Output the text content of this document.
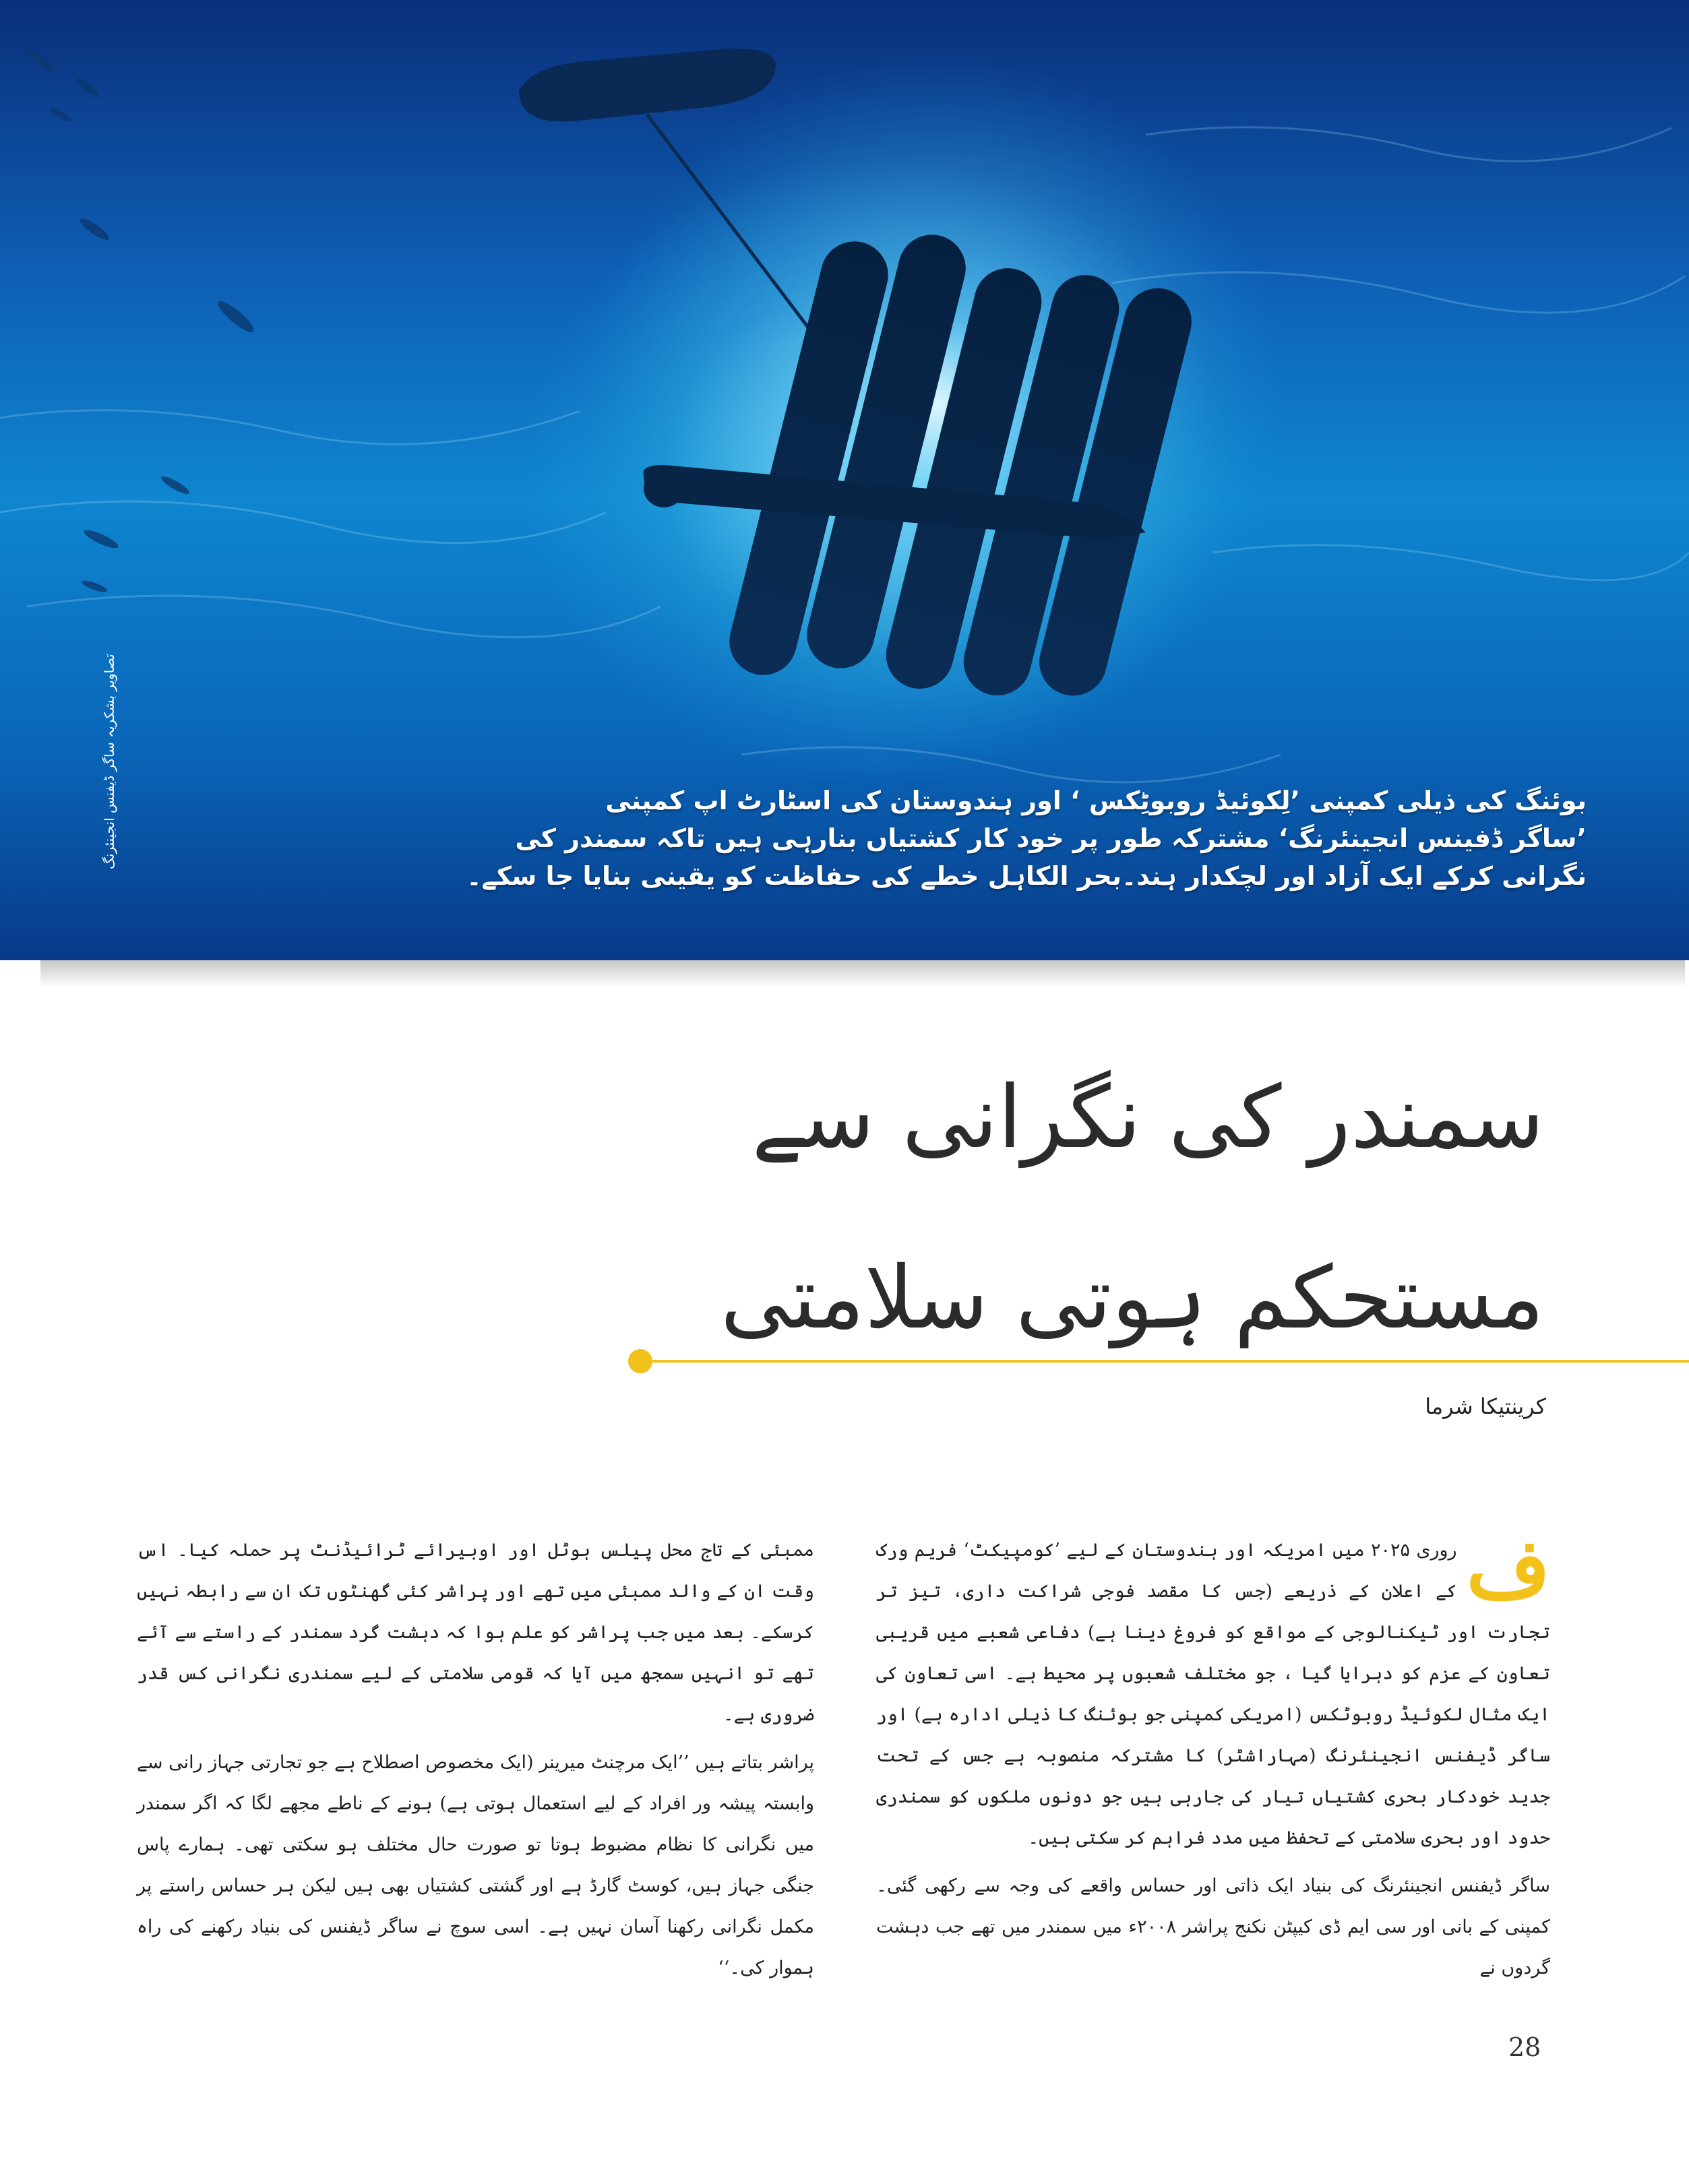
تصاویر بشکریہ ساگر ڈیفنس انجینئرنگ	بوئنگ کی ذیلی کمپنی ’لِکوئیڈ روبوٹِکس ‘ اور ہندوستان کی اسٹارٹ اپ کمپنی
’ساگر ڈفینس انجینئرنگ‘ مشترکہ طور پر خود کار کشتیاں بنارہی ہیں تاکہ سمندر کی
نگرانی کرکے ایک آزاد اور لچکدار ہند۔بحر الکاہل خطے کی حفاظت کو یقینی بنایا جا سکے۔
سمندر کی نگرانی سے
مستحکم ہوتی سلامتی
کرینتیکا شرما
ف

روری ۲۰۲۵ میں امریکہ اور ہندوستان کے لیے ’کومپیکٹ‘ فریم ورک کے اعلان کے ذریعے (جس کا مقصد فوجی شراکت داری، تیز تر تجارت اور ٹیکنالوجی کے مواقع کو فروغ دینا ہے) دفاعی شعبے میں قریبی تعاون کے عزم کو دہرایا گیا ، جو مختلف شعبوں پر محیط ہے۔ اسی تعاون کی ایک مثال لکوئیڈ روبوٹکس (امریکی کمپنی جو بوئنگ کا ذیلی ادارہ ہے) اور ساگر ڈیفنس انجینئرنگ (مہاراشٹر) کا مشترکہ منصوبہ ہے جس کے تحت جدید خودکار بحری کشتیاں تیار کی جارہی ہیں جو دونوں ملکوں کو سمندری حدود اور بحری سلامتی کے تحفظ میں مدد فراہم کر سکتی ہیں۔

ساگر ڈیفنس انجینئرنگ کی بنیاد ایک ذاتی اور حساس واقعے کی وجہ سے رکھی گئی۔ کمپنی کے بانی اور سی ایم ڈی کیپٹن نکنج پراشر ۲۰۰۸ء میں سمندر میں تھے جب دہشت گردوں نے

ممبئی کے تاج محل پیلس ہوٹل اور اوبیرائے ٹرائیڈنٹ پر حملہ کیا۔ اس وقت ان کے والد ممبئی میں تھے اور پراشر کئی گھنٹوں تک ان سے رابطہ نہیں کرسکے۔ بعد میں جب پراشر کو علم ہوا کہ دہشت گرد سمندر کے راستے سے آئے تھے تو انہیں سمجھ میں آیا کہ قومی سلامتی کے لیے سمندری نگرانی کس قدر ضروری ہے۔

پراشر بتاتے ہیں ’’ایک مرچنٹ میرینر (ایک مخصوص اصطلاح ہے جو تجارتی جہاز رانی سے وابستہ پیشہ ور افراد کے لیے استعمال ہوتی ہے) ہونے کے ناطے مجھے لگا کہ اگر سمندر میں نگرانی کا نظام مضبوط ہوتا تو صورت حال مختلف ہو سکتی تھی۔ ہمارے پاس جنگی جہاز ہیں، کوسٹ گارڈ ہے اور گشتی کشتیاں بھی ہیں لیکن ہر حساس راستے پر مکمل نگرانی رکھنا آسان نہیں ہے۔ اسی سوچ نے ساگر ڈیفنس کی بنیاد رکھنے کی راہ ہموار کی۔‘‘

28
